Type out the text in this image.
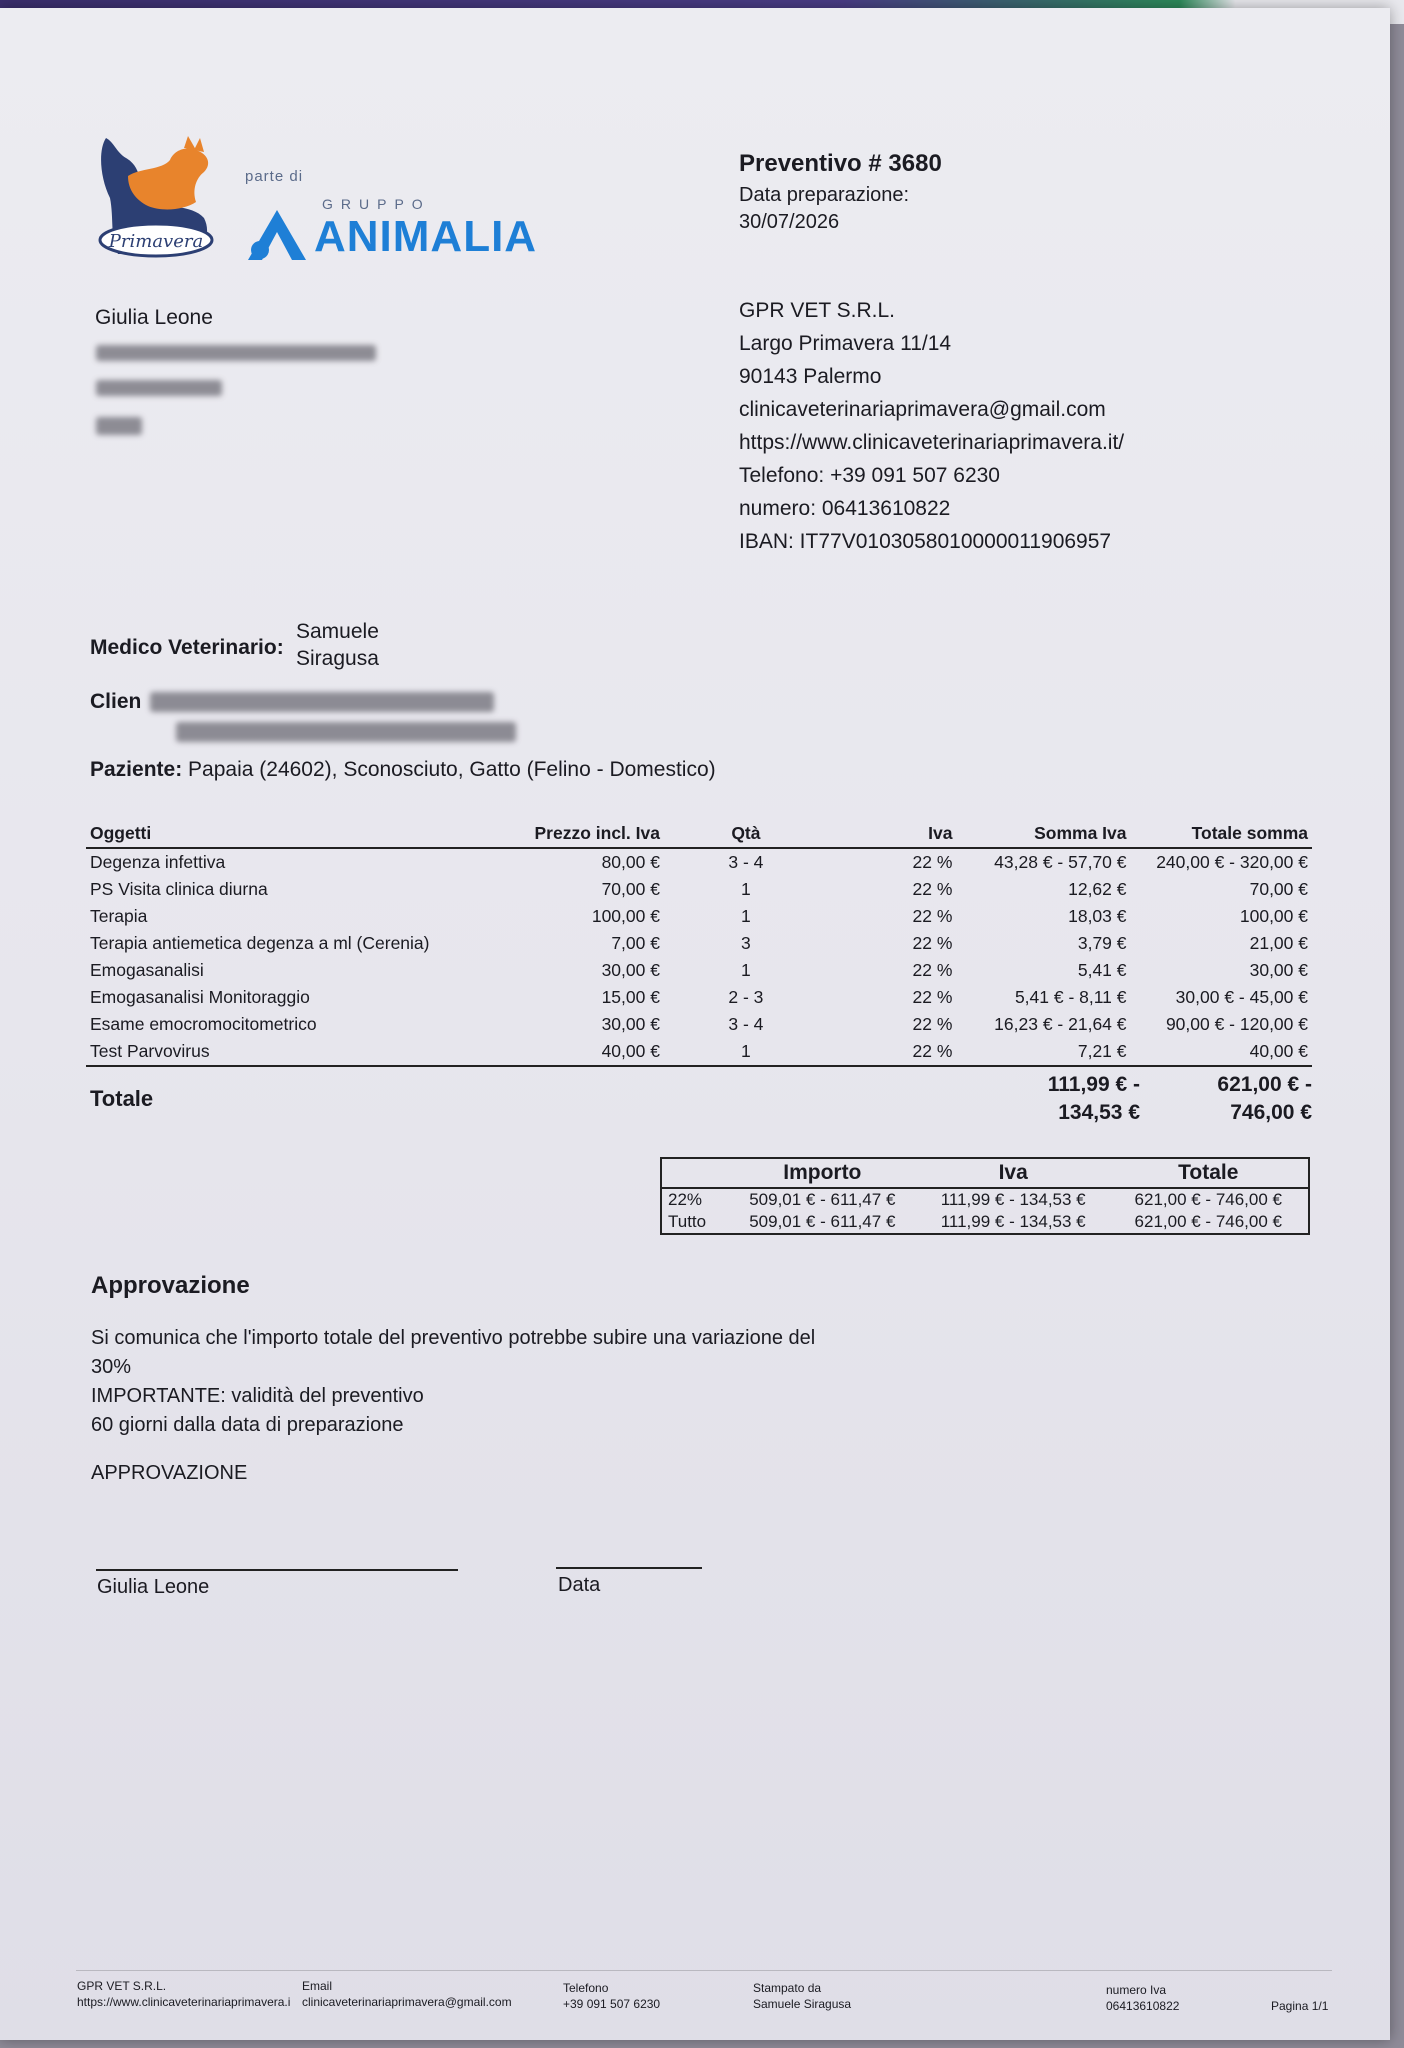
Primavera
parte di
GRUPPO
ANIMALIA
Preventivo # 3680
Data preparazione:
30/07/2026
GPR VET S.R.L.
Largo Primavera 11/14
90143 Palermo
clinicaveterinariaprimavera@gmail.com
https://www.clinicaveterinariaprimavera.it/
Telefono: +39 091 507 6230
numero: 06413610822
IBAN: IT77V0103058010000011906957
Giulia Leone
Medico Veterinario:
Samuele
Siragusa
Clien
Paziente: Papaia (24602), Sconosciuto, Gatto (Felino - Domestico)
Oggetti	Prezzo incl. Iva	Qtà	Iva	Somma Iva	Totale somma
Degenza infettiva	80,00 €	3 - 4	22 %	43,28 € - 57,70 €	240,00 € - 320,00 €
PS Visita clinica diurna	70,00 €	1	22 %	12,62 €	70,00 €
Terapia	100,00 €	1	22 %	18,03 €	100,00 €
Terapia antiemetica degenza a ml (Cerenia)	7,00 €	3	22 %	3,79 €	21,00 €
Emogasanalisi	30,00 €	1	22 %	5,41 €	30,00 €
Emogasanalisi Monitoraggio	15,00 €	2 - 3	22 %	5,41 € - 8,11 €	30,00 € - 45,00 €
Esame emocromocitometrico	30,00 €	3 - 4	22 %	16,23 € - 21,64 €	90,00 € - 120,00 €
Test Parvovirus	40,00 €	1	22 %	7,21 €	40,00 €
Totale
111,99 € -
134,53 €
621,00 € -
746,00 €
	Importo	Iva	Totale
22%	509,01 € - 611,47 €	111,99 € - 134,53 €	621,00 € - 746,00 €
Tutto	509,01 € - 611,47 €	111,99 € - 134,53 €	621,00 € - 746,00 €
Approvazione
Si comunica che l'importo totale del preventivo potrebbe subire una variazione del
30%
IMPORTANTE: validità del preventivo
60 giorni dalla data di preparazione
APPROVAZIONE
Giulia Leone	Data
GPR VET S.R.L.
https://www.clinicaveterinariaprimavera.i
Email
clinicaveterinariaprimavera@gmail.com
Telefono
+39 091 507 6230
Stampato da
Samuele Siragusa
numero Iva
06413610822	Pagina 1/1
